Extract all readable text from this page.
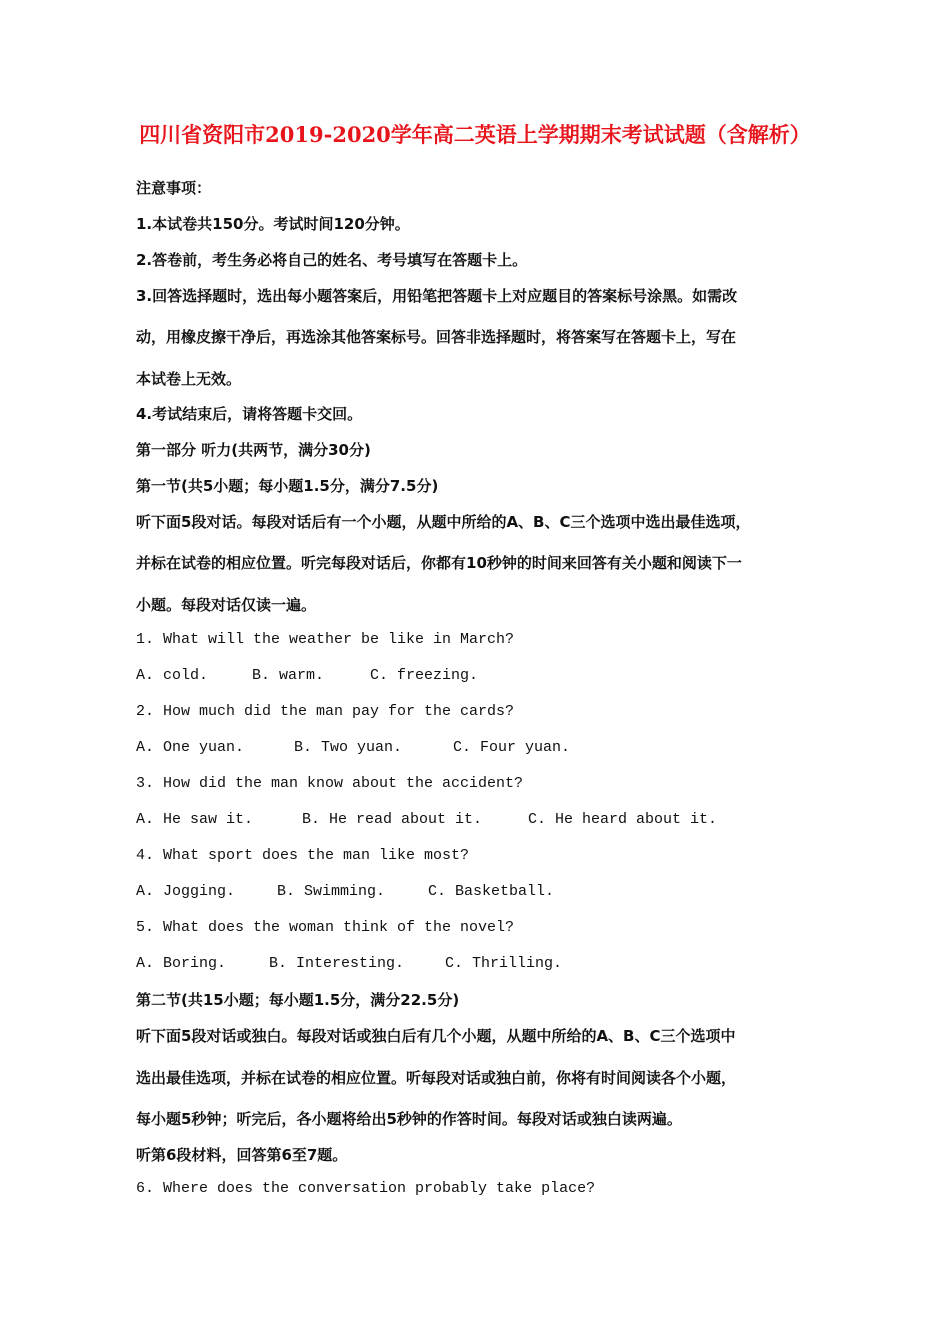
四川省资阳市2019-2020学年高二英语上学期期末考试试题（含解析）
注意事项：
1.本试卷共150分。考试时间120分钟。
2.答卷前，考生务必将自己的姓名、考号填写在答题卡上。
3.回答选择题时，选出每小题答案后，用铅笔把答题卡上对应题目的答案标号涂黑。如需改
动，用橡皮擦干净后，再选涂其他答案标号。回答非选择题时，将答案写在答题卡上，写在
本试卷上无效。
4.考试结束后，请将答题卡交回。
第一部分 听力(共两节，满分30分)
第一节(共5小题；每小题1.5分，满分7.5分)
听下面5段对话。每段对话后有一个小题，从题中所给的A、B、C三个选项中选出最佳选项，
并标在试卷的相应位置。听完每段对话后，你都有10秒钟的时间来回答有关小题和阅读下一
小题。每段对话仅读一遍。
1. What will the weather be like in March?
A. cold.	B. warm.	C. freezing.
2. How much did the man pay for the cards?
A. One yuan.	B. Two yuan.	C. Four yuan.
3. How did the man know about the accident?
A. He saw it.	B. He read about it.	C. He heard about it.
4. What sport does the man like most?
A. Jogging.	B. Swimming.	C. Basketball.
5. What does the woman think of the novel?
A. Boring.	B. Interesting.	C. Thrilling.
第二节(共15小题；每小题1.5分，满分22.5分)
听下面5段对话或独白。每段对话或独白后有几个小题，从题中所给的A、B、C三个选项中
选出最佳选项，并标在试卷的相应位置。听每段对话或独白前，你将有时间阅读各个小题，
每小题5秒钟；听完后，各小题将给出5秒钟的作答时间。每段对话或独白读两遍。
听第6段材料，回答第6至7题。
6. Where does the conversation probably take place?
